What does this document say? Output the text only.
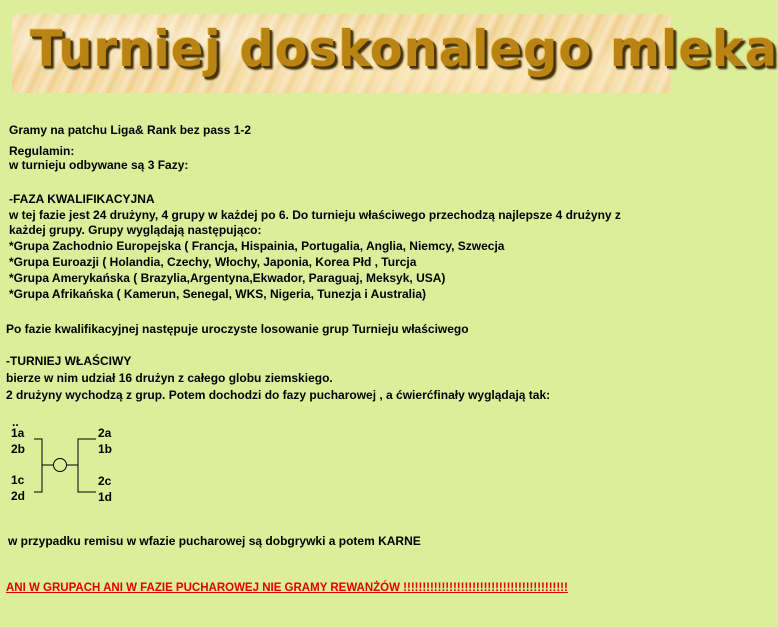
Turniej doskonalego mleka
Gramy na patchu Liga& Rank bez pass 1-2
Regulamin:
w turnieju odbywane są 3 Fazy:
-FAZA KWALIFIKACYJNA
w tej fazie jest 24 drużyny, 4 grupy w każdej po 6. Do turnieju właściwego przechodzą najlepsze 4 drużyny z
każdej grupy. Grupy wyglądają następująco:
*Grupa Zachodnio Europejska ( Francja, Hispainia, Portugalia, Anglia, Niemcy, Szwecja
*Grupa Euroazji ( Holandia, Czechy, Włochy, Japonia, Korea Płd , Turcja
*Grupa Amerykańska ( Brazylia,Argentyna,Ekwador, Paraguaj, Meksyk, USA)
*Grupa Afrikańska ( Kamerun, Senegal, WKS, Nigeria, Tunezja i Australia)
Po fazie kwalifikacyjnej następuje uroczyste losowanie grup Turnieju właściwego
-TURNIEJ WŁAŚCIWY
bierze w nim udział 16 drużyn z całego globu ziemskiego.
2 drużyny wychodzą z grup. Potem dochodzi do fazy pucharowej , a ćwierćfinały wyglądają tak:
..
1a
2b
1c
2d
2a
1b
2c
1d
w przypadku remisu w wfazie pucharowej są dobgrywki a potem KARNE
ANI W GRUPACH ANI W FAZIE PUCHAROWEJ NIE GRAMY REWANŻÓW !!!!!!!!!!!!!!!!!!!!!!!!!!!!!!!!!!!!!!!!!!!
